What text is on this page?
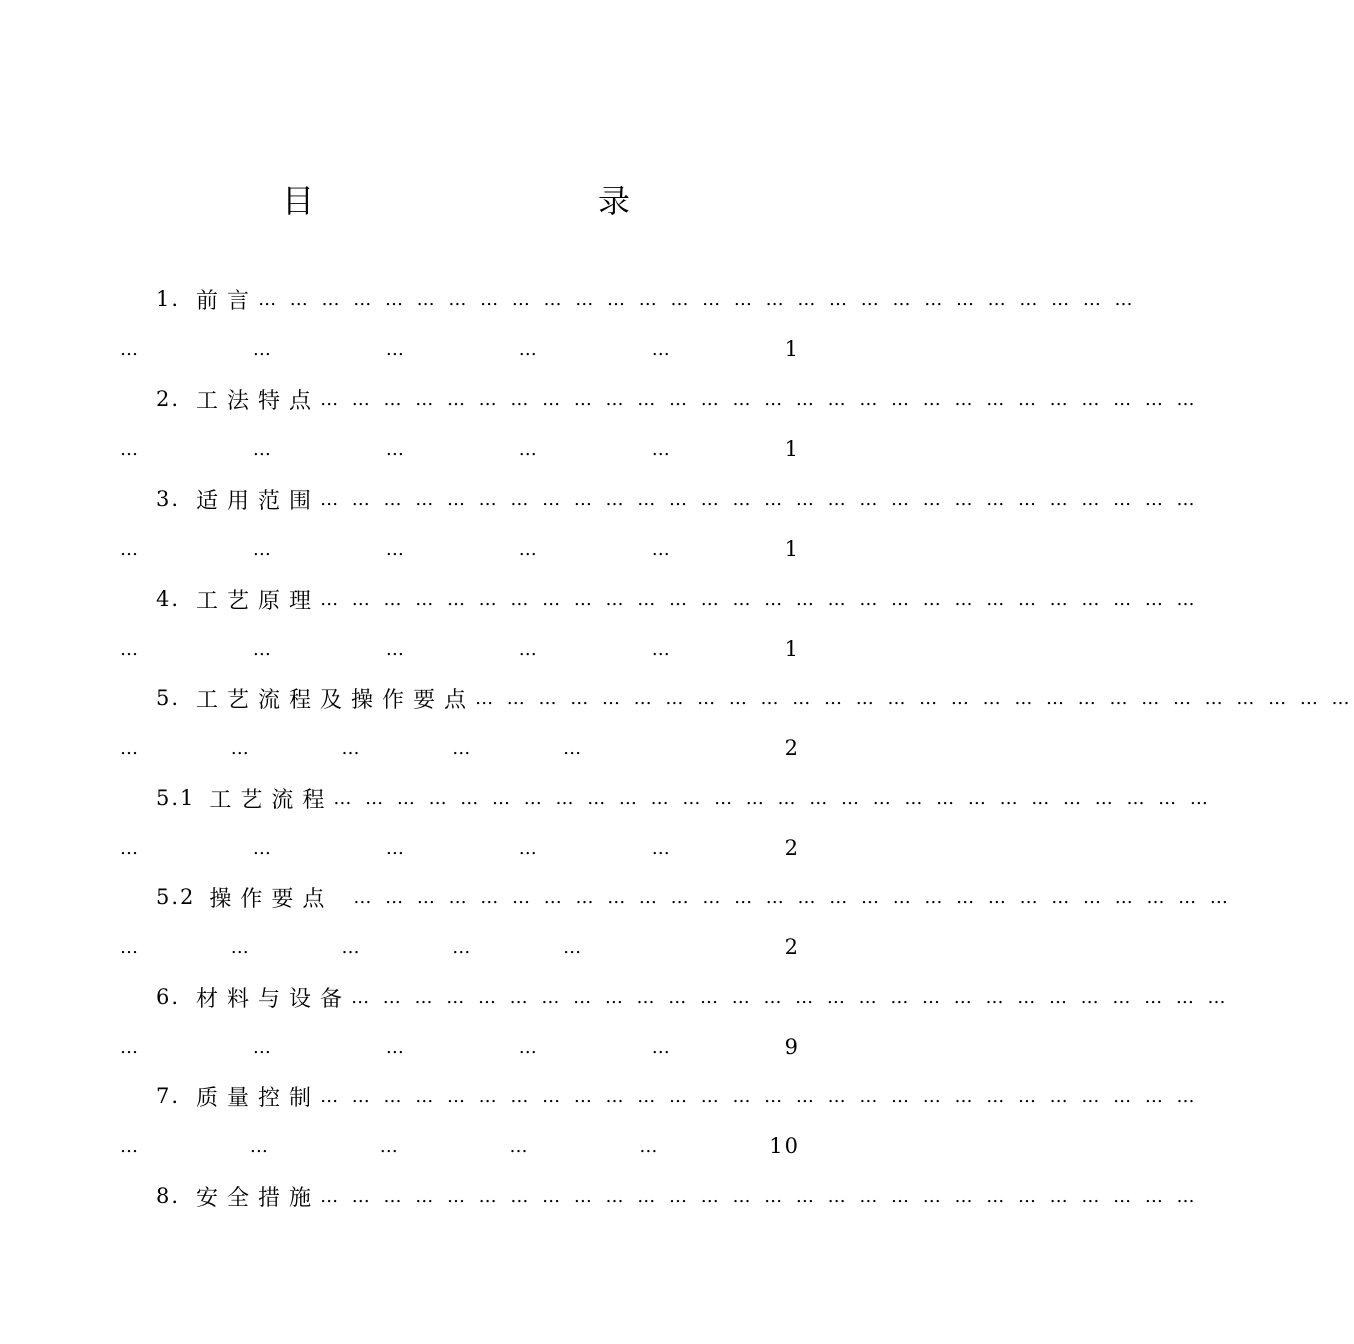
目	录
1. 前言 … … … … … … … … … … … … … … … … … … … … … … … … … … … …
…	…	…	…	…	1
2. 工法特点 … … … … … … … … … … … … … … … … … … … … … … … … … … … …
…	…	…	…	…	1
3. 适用范围 … … … … … … … … … … … … … … … … … … … … … … … … … … … …
…	…	…	…	…	1
4. 工艺原理 … … … … … … … … … … … … … … … … … … … … … … … … … … … …
…	…	…	…	…	1
5. 工艺流程及操作要点 … … … … … … … … … … … … … … … … … … … … … … … … … … … …
…	…	…	…	…	2
5.1 工艺流程 … … … … … … … … … … … … … … … … … … … … … … … … … … … …
…	…	…	…	…	2
5.2 操作要点 … … … … … … … … … … … … … … … … … … … … … … … … … … … …
…	…	…	…	…	2
6. 材料与设备 … … … … … … … … … … … … … … … … … … … … … … … … … … … …
…	…	…	…	…	9
7. 质量控制 … … … … … … … … … … … … … … … … … … … … … … … … … … … …
…	…	…	…	…	10
8. 安全措施 … … … … … … … … … … … … … … … … … … … … … … … … … … … …
